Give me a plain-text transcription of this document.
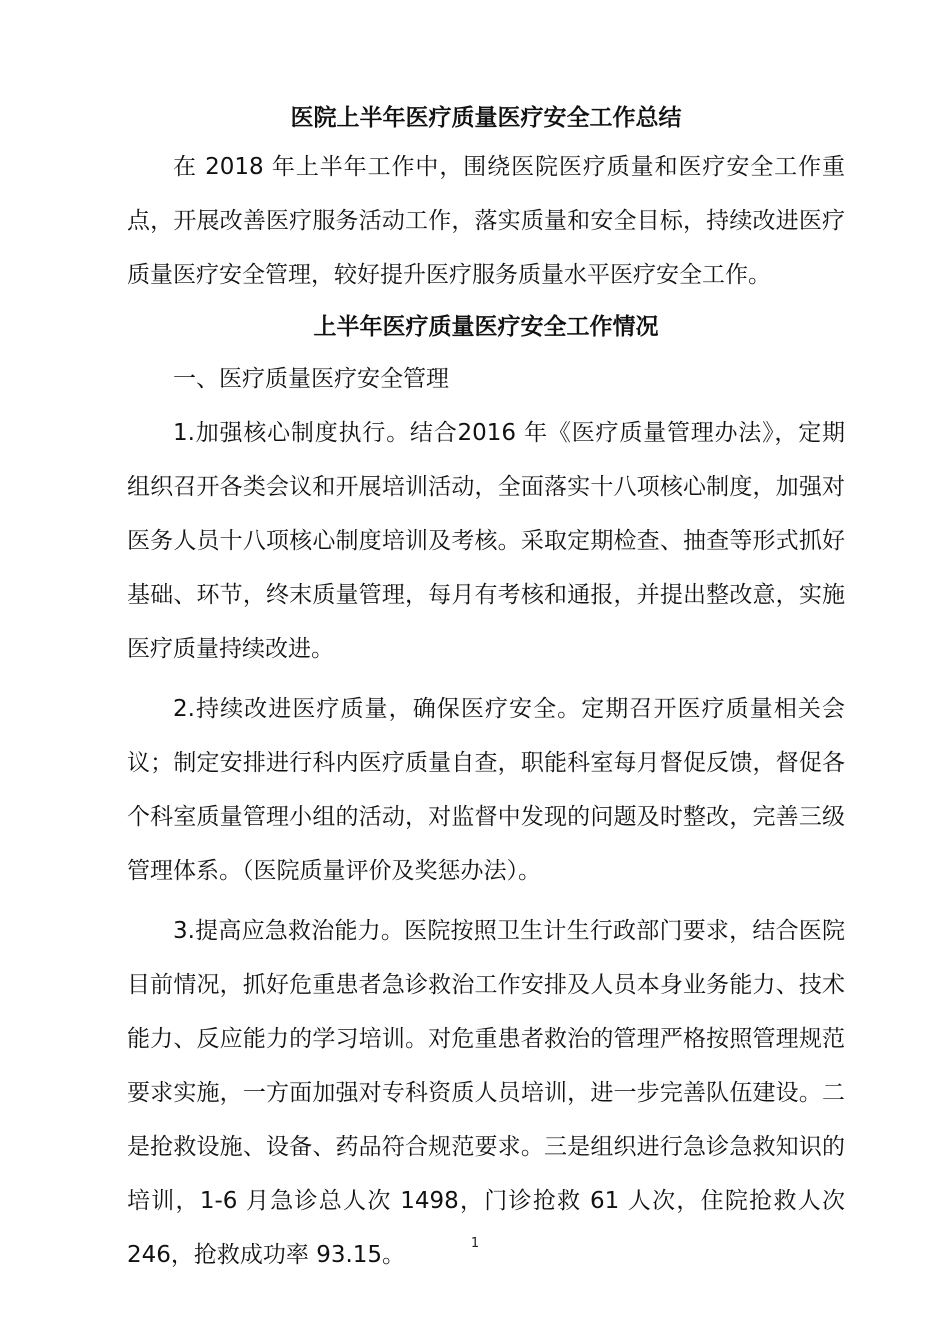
医院上半年医疗质量医疗安全工作总结

在 2018 年上半年工作中，围绕医院医疗质量和医疗安全工作重点，开展改善医疗服务活动工作，落实质量和安全目标，持续改进医疗质量医疗安全管理，较好提升医疗服务质量水平医疗安全工作。

上半年医疗质量医疗安全工作情况

一、医疗质量医疗安全管理

1.加强核心制度执行。结合2016 年《医疗质量管理办法》，定期组织召开各类会议和开展培训活动，全面落实十八项核心制度，加强对医务人员十八项核心制度培训及考核。采取定期检查、抽查等形式抓好基础、环节，终末质量管理，每月有考核和通报，并提出整改意，实施医疗质量持续改进。

2.持续改进医疗质量，确保医疗安全。定期召开医疗质量相关会议；制定安排进行科内医疗质量自查，职能科室每月督促反馈，督促各个科室质量管理小组的活动，对监督中发现的问题及时整改，完善三级管理体系。（医院质量评价及奖惩办法）。

3.提高应急救治能力。医院按照卫生计生行政部门要求，结合医院目前情况，抓好危重患者急诊救治工作安排及人员本身业务能力、技术能力、反应能力的学习培训。对危重患者救治的管理严格按照管理规范要求实施，一方面加强对专科资质人员培训，进一步完善队伍建设。二是抢救设施、设备、药品符合规范要求。三是组织进行急诊急救知识的培训，1-6 月急诊总人次 1498，门诊抢救 61 人次，住院抢救人次 246，抢救成功率 93.15。	1
